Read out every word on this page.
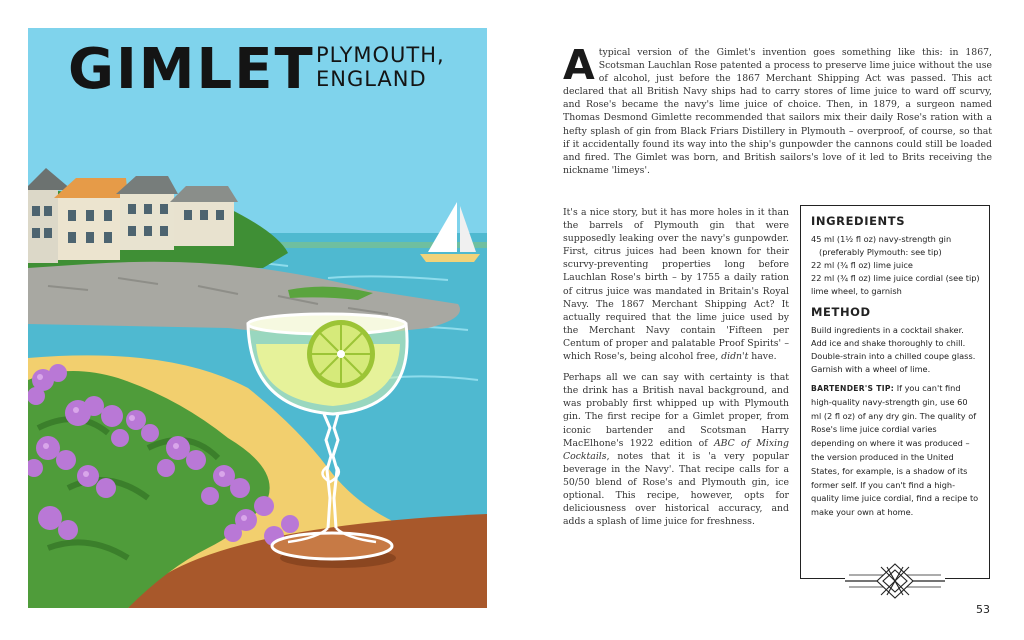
GIMLET PLYMOUTH, ENGLAND	Atypical version of the Gimlet's invention goes something like this: in 1867, Scotsman Lauchlan Rose patented a process to preserve lime juice without the use of alcohol, just before the 1867 Merchant Shipping Act was passed. This act declared that all British Navy ships had to carry stores of lime juice to ward off scurvy, and Rose's became the navy's lime juice of choice. Then, in 1879, a surgeon named Thomas Desmond Gimlette recommended that sailors mix their daily Rose's ration with a hefty splash of gin from Black Friars Distillery in Plymouth – overproof, of course, so that if it accidentally found its way into the ship's gunpowder the cannons could still be loaded and fired. The Gimlet was born, and British sailors's love of it led to Brits receiving the nickname 'limeys'.

It's a nice story, but it has more holes in it than the barrels of Plymouth gin that were supposedly leaking over the navy's gunpowder. First, citrus juices had been known for their scurvy-preventing properties long before Lauchlan Rose's birth – by 1755 a daily ration of citrus juice was mandated in Britain's Royal Navy. The 1867 Merchant Shipping Act? It actually required that the lime juice used by the Merchant Navy contain 'Fifteen per Centum of proper and palatable Proof Spirits' – which Rose's, being alcohol free, didn't have.

Perhaps all we can say with certainty is that the drink has a British naval background, and was probably first whipped up with Plymouth gin. The first recipe for a Gimlet proper, from iconic bartender and Scotsman Harry MacElhone's 1922 edition of ABC of Mixing Cocktails, notes that it is 'a very popular beverage in the Navy'. That recipe calls for a 50/50 blend of Rose's and Plymouth gin, ice optional. This recipe, however, opts for deliciousness over historical accuracy, and adds a splash of lime juice for freshness.

INGREDIENTS
45 ml (1½ fl oz) navy-strength gin
(preferably Plymouth: see tip)
22 ml (¾ fl oz) lime juice
22 ml (¾ fl oz) lime juice cordial (see tip)
lime wheel, to garnish
METHOD
Build ingredients in a cocktail shaker.
Add ice and shake thoroughly to chill.
Double-strain into a chilled coupe glass.
Garnish with a wheel of lime.
BARTENDER'S TIP: If you can't find high-quality navy-strength gin, use 60 ml (2 fl oz) of any dry gin. The quality of Rose's lime juice cordial varies depending on where it was produced – the version produced in the United States, for example, is a shadow of its former self. If you can't find a high-quality lime juice cordial, find a recipe to make your own at home.
53
